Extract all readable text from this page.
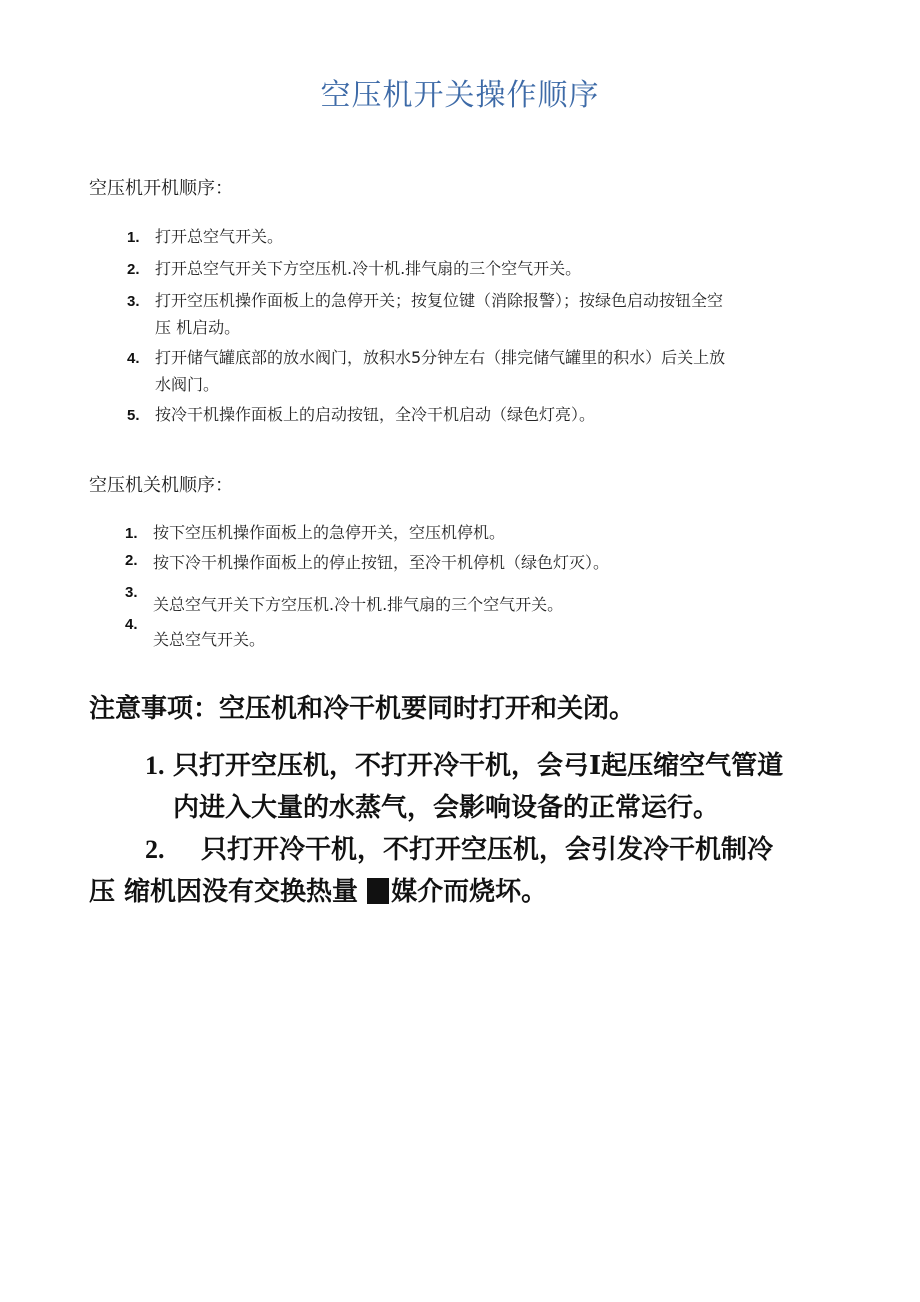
空压机开关操作顺序
空压机开机顺序：
1. 打开总空气开关。
2. 打开总空气开关下方空压机.冷十机.排气扇的三个空气开关。
3. 打开空压机操作面板上的急停开关；按复位键（消除报警）；按绿色启动按钮全空
压 机启动。
4. 打开储气罐底部的放水阀门，放积水5分钟左右（排完储气罐里的积水）后关上放
水阀门。
5. 按冷干机操作面板上的启动按钮，全冷干机启动（绿色灯亮）。
空压机关机顺序：
1. 按下空压机操作面板上的急停开关，空压机停机。
2. 按下冷干机操作面板上的停止按钮，至冷干机停机（绿色灯灭）。
3.
关总空气开关下方空压机.冷十机.排气扇的三个空气开关。
4.
关总空气开关。
注意事项：空压机和冷干机要同时打开和关闭。
1. 只打开空压机，不打开冷干机，会弓I起压缩空气管道
内进入大量的水蒸气，会影响设备的正常运行。
2. 只打开冷干机，不打开空压机，会引发冷干机制冷
压 缩机因没有交换热量 媒介而烧坏。
